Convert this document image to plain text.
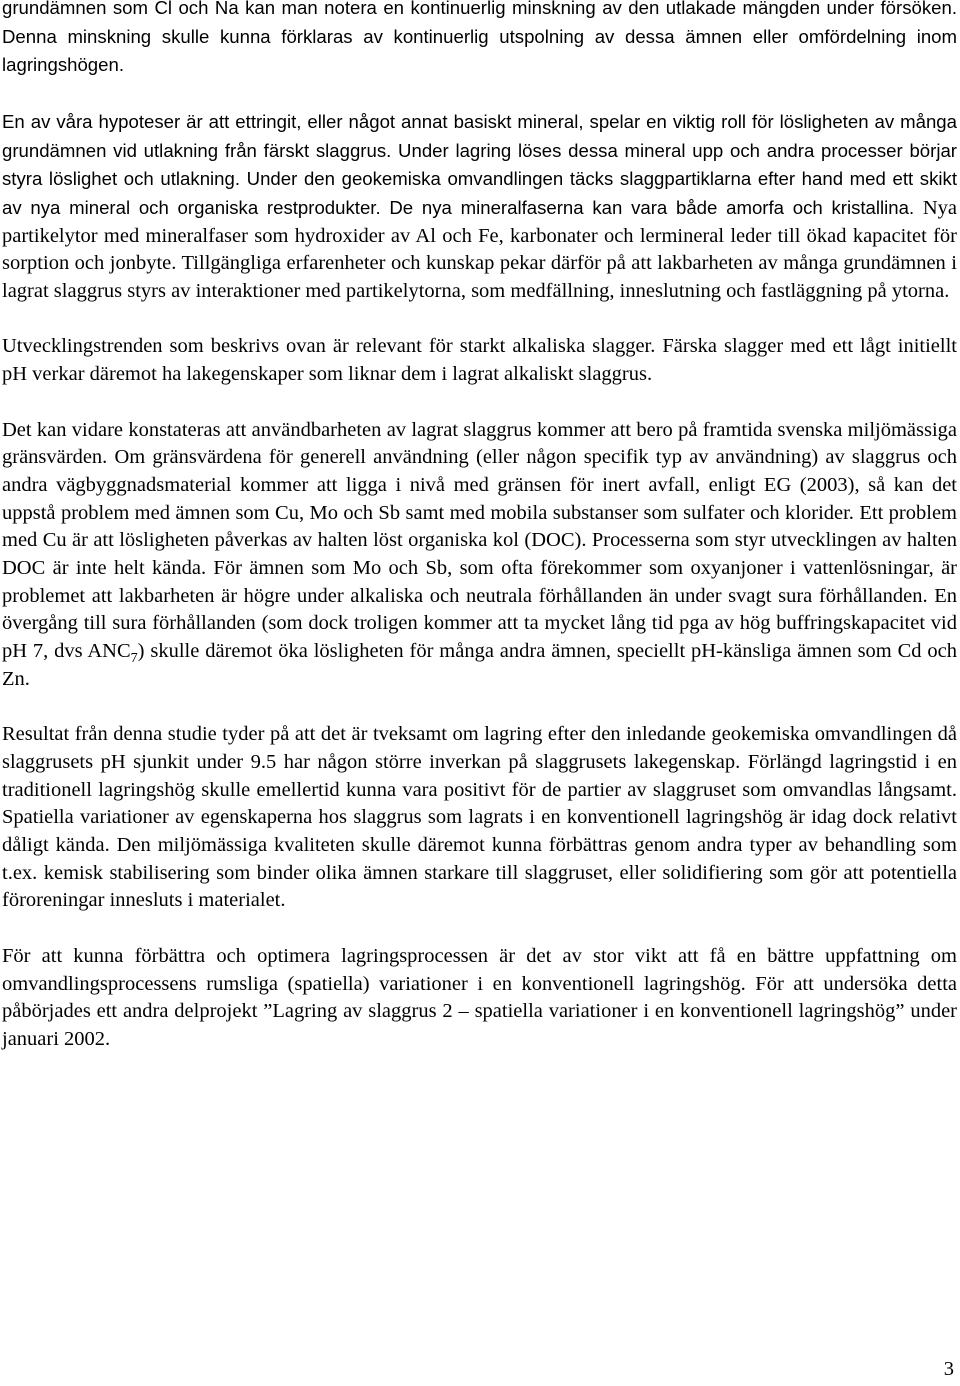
grundämnen som Cl och Na kan man notera en kontinuerlig minskning av den utlakade mängden under försöken. Denna minskning skulle kunna förklaras av kontinuerlig utspolning av dessa ämnen eller omfördelning inom lagringshögen.

En av våra hypoteser är att ettringit, eller något annat basiskt mineral, spelar en viktig roll för lösligheten av många grundämnen vid utlakning från färskt slaggrus. Under lagring löses dessa mineral upp och andra processer börjar styra löslighet och utlakning. Under den geokemiska omvandlingen täcks slaggpartiklarna efter hand med ett skikt av nya mineral och organiska restprodukter. De nya mineralfaserna kan vara både amorfa och kristallina. Nya partikelytor med mineralfaser som hydroxider av Al och Fe, karbonater och lermineral leder till ökad kapacitet för sorption och jonbyte. Tillgängliga erfarenheter och kunskap pekar därför på att lakbarheten av många grundämnen i lagrat slaggrus styrs av interaktioner med partikelytorna, som medfällning, inneslutning och fastläggning på ytorna.

Utvecklingstrenden som beskrivs ovan är relevant för starkt alkaliska slagger. Färska slagger med ett lågt initiellt pH verkar däremot ha lakegenskaper som liknar dem i lagrat alkaliskt slaggrus.

Det kan vidare konstateras att användbarheten av lagrat slaggrus kommer att bero på framtida svenska miljömässiga gränsvärden. Om gränsvärdena för generell användning (eller någon specifik typ av användning) av slaggrus och andra vägbyggnadsmaterial kommer att ligga i nivå med gränsen för inert avfall, enligt EG (2003), så kan det uppstå problem med ämnen som Cu, Mo och Sb samt med mobila substanser som sulfater och klorider. Ett problem med Cu är att lösligheten påverkas av halten löst organiska kol (DOC). Processerna som styr utvecklingen av halten DOC är inte helt kända. För ämnen som Mo och Sb, som ofta förekommer som oxyanjoner i vattenlösningar, är problemet att lakbarheten är högre under alkaliska och neutrala förhållanden än under svagt sura förhållanden. En övergång till sura förhållanden (som dock troligen kommer att ta mycket lång tid pga av hög buffringskapacitet vid pH 7, dvs $ANC_7$) skulle däremot öka lösligheten för många andra ämnen, speciellt pH-känsliga ämnen som Cd och Zn.

Resultat från denna studie tyder på att det är tveksamt om lagring efter den inledande geokemiska omvandlingen då slaggrusets pH sjunkit under 9.5 har någon större inverkan på slaggrusets lakegenskap. Förlängd lagringstid i en traditionell lagringshög skulle emellertid kunna vara positivt för de partier av slaggruset som omvandlas långsamt. Spatiella variationer av egenskaperna hos slaggrus som lagrats i en konventionell lagringshög är idag dock relativt dåligt kända. Den miljömässiga kvaliteten skulle däremot kunna förbättras genom andra typer av behandling som t.ex. kemisk stabilisering som binder olika ämnen starkare till slaggruset, eller solidifiering som gör att potentiella föroreningar innesluts i materialet.

För att kunna förbättra och optimera lagringsprocessen är det av stor vikt att få en bättre uppfattning om omvandlingsprocessens rumsliga (spatiella) variationer i en konventionell lagringshög. För att undersöka detta påbörjades ett andra delprojekt ”Lagring av slaggrus 2 – spatiella variationer i en konventionell lagringshög” under januari 2002.

3
